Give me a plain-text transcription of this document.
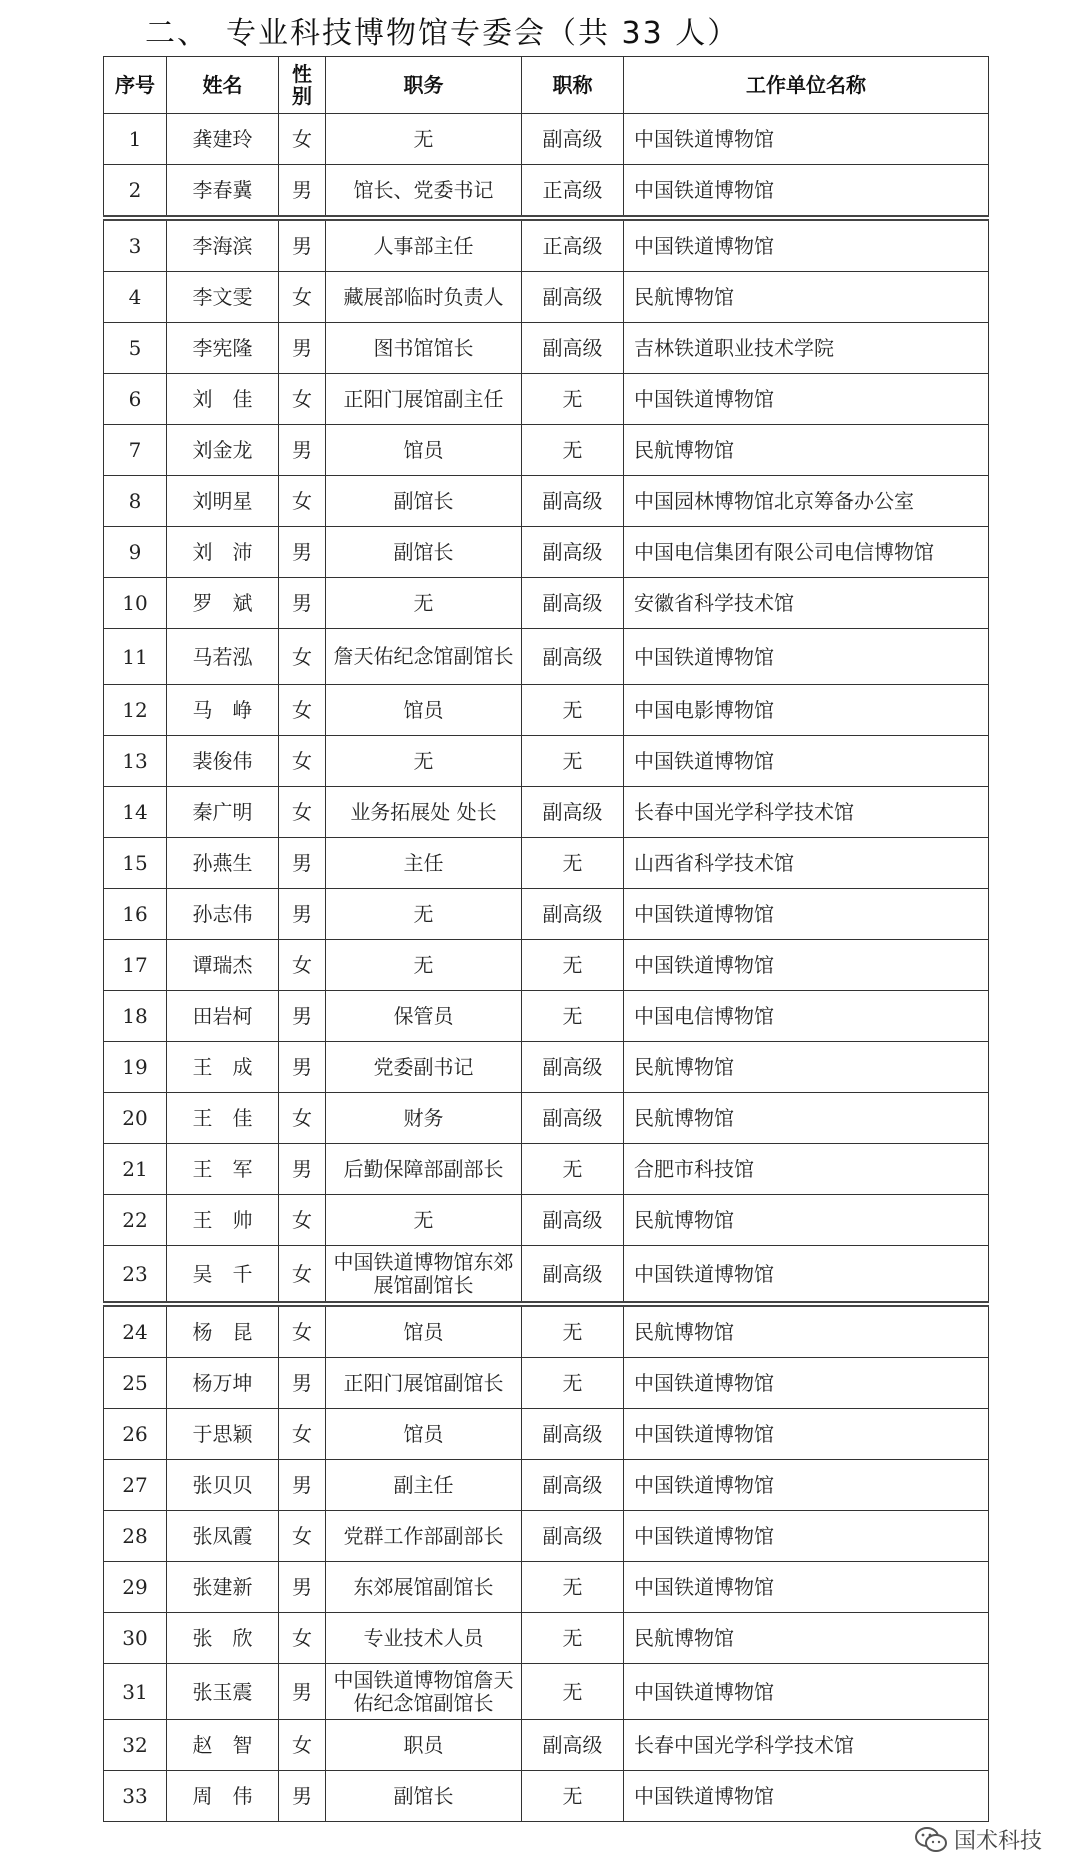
二、　专业科技博物馆专委会（共 33 人）
序号	姓名	性别	职务	职称	工作单位名称
1	龚建玲	女	无	副高级	中国铁道博物馆
2	李春冀	男	馆长、党委书记	正高级	中国铁道博物馆
3	李海滨	男	人事部主任	正高级	中国铁道博物馆
4	李文雯	女	藏展部临时负责人	副高级	民航博物馆
5	李宪隆	男	图书馆馆长	副高级	吉林铁道职业技术学院
6	刘　佳	女	正阳门展馆副主任	无	中国铁道博物馆
7	刘金龙	男	馆员	无	民航博物馆
8	刘明星	女	副馆长	副高级	中国园林博物馆北京筹备办公室
9	刘　沛	男	副馆长	副高级	中国电信集团有限公司电信博物馆
10	罗　斌	男	无	副高级	安徽省科学技术馆
11	马若泓	女	詹天佑纪念馆副馆长	副高级	中国铁道博物馆
12	马　峥	女	馆员	无	中国电影博物馆
13	裴俊伟	女	无	无	中国铁道博物馆
14	秦广明	女	业务拓展处 处长	副高级	长春中国光学科学技术馆
15	孙燕生	男	主任	无	山西省科学技术馆
16	孙志伟	男	无	副高级	中国铁道博物馆
17	谭瑞杰	女	无	无	中国铁道博物馆
18	田岩柯	男	保管员	无	中国电信博物馆
19	王　成	男	党委副书记	副高级	民航博物馆
20	王　佳	女	财务	副高级	民航博物馆
21	王　军	男	后勤保障部副部长	无	合肥市科技馆
22	王　帅	女	无	副高级	民航博物馆
23	吴　千	女	中国铁道博物馆东郊展馆副馆长	副高级	中国铁道博物馆
24	杨　昆	女	馆员	无	民航博物馆
25	杨万坤	男	正阳门展馆副馆长	无	中国铁道博物馆
26	于思颖	女	馆员	副高级	中国铁道博物馆
27	张贝贝	男	副主任	副高级	中国铁道博物馆
28	张凤霞	女	党群工作部副部长	副高级	中国铁道博物馆
29	张建新	男	东郊展馆副馆长	无	中国铁道博物馆
30	张　欣	女	专业技术人员	无	民航博物馆
31	张玉震	男	中国铁道博物馆詹天佑纪念馆副馆长	无	中国铁道博物馆
32	赵　智	女	职员	副高级	长春中国光学科学技术馆
33	周　伟	男	副馆长	无	中国铁道博物馆
国术科技
